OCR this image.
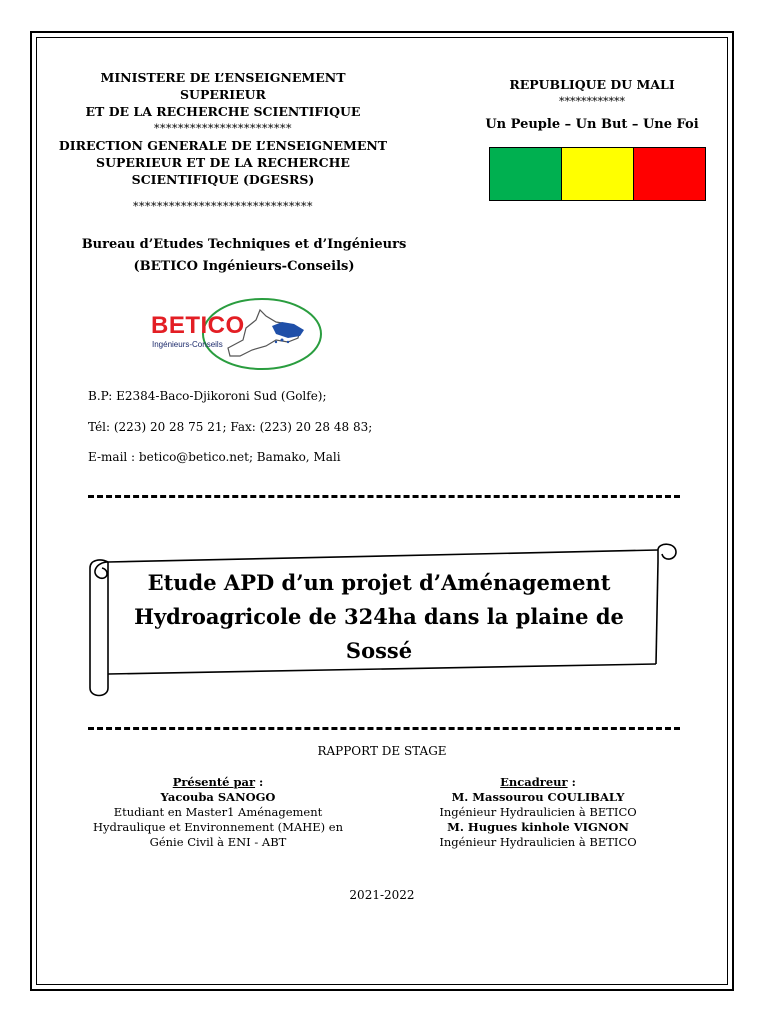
MINISTERE DE L’ENSEIGNEMENT SUPERIEUR
ET DE LA RECHERCHE SCIENTIFIQUE
***********************
DIRECTION GENERALE DE L’ENSEIGNEMENT
SUPERIEUR ET DE LA RECHERCHE
SCIENTIFIQUE (DGESRS)
******************************
Bureau d’Etudes Techniques et d’Ingénieurs
(BETICO Ingénieurs-Conseils)
REPUBLIQUE DU MALI
************
Un Peuple – Un But – Une Foi
BETICO
Ingénieurs-Conseils
B.P: E2384-Baco-Djikoroni Sud (Golfe);
Tél: (223) 20 28 75 21; Fax: (223) 20 28 48 83;
E-mail : betico@betico.net; Bamako, Mali
Etude APD d’un projet d’Aménagement
Hydroagricole de 324ha dans la plaine de
Sossé
RAPPORT DE STAGE
Présenté par :
Yacouba SANOGO
Etudiant en Master1 Aménagement
Hydraulique et Environnement (MAHE) en
Génie Civil à ENI - ABT
Encadreur :
M. Massourou COULIBALY
Ingénieur Hydraulicien à BETICO
M. Hugues kinhole VIGNON
Ingénieur Hydraulicien à BETICO
2021-2022
